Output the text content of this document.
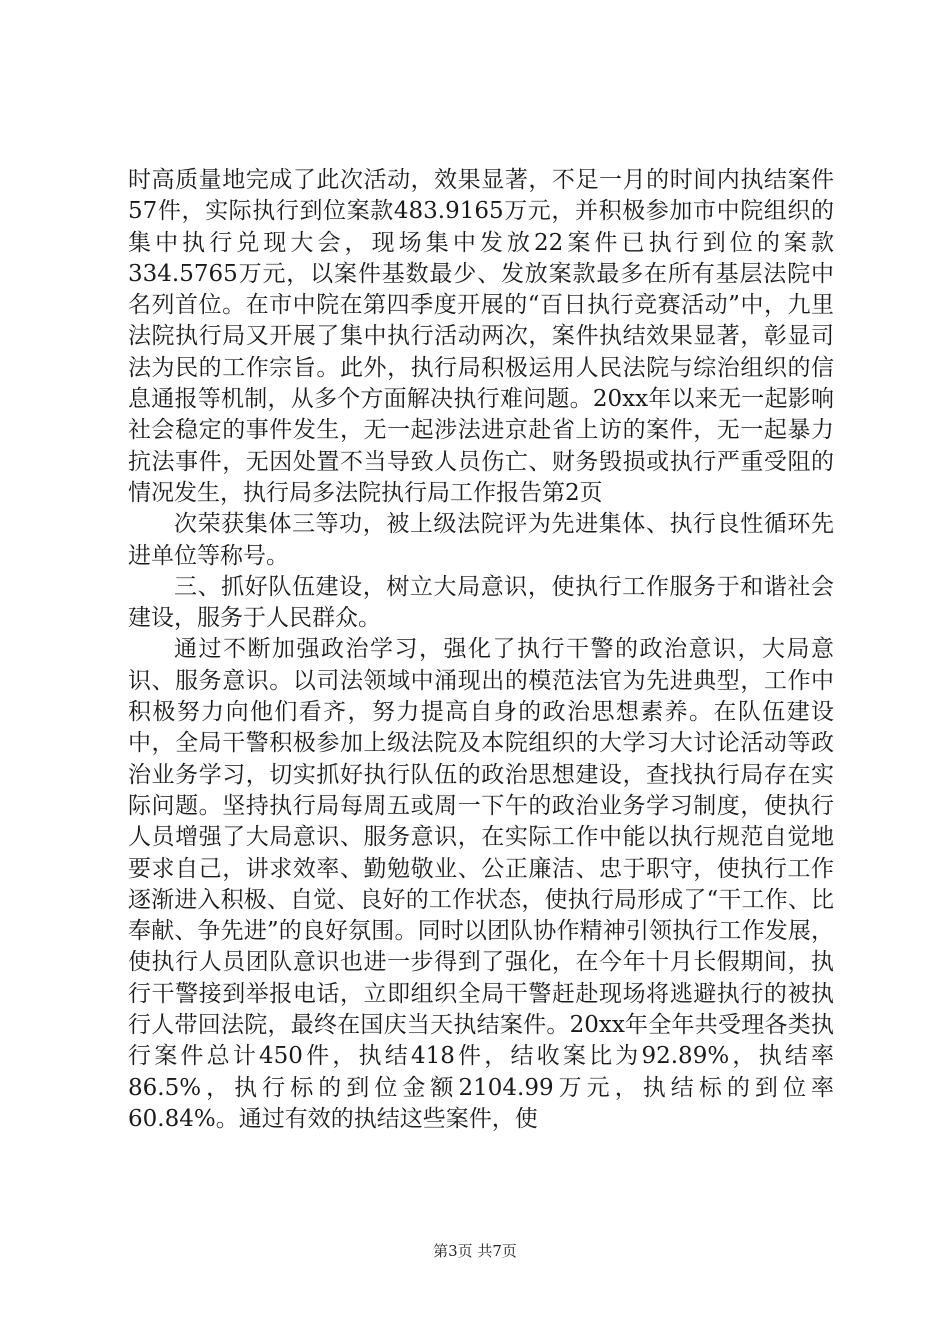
时高质量地完成了此次活动，效果显著，不足一月的时间内执结案件57件，实际执行到位案款483.9165万元，并积极参加市中院组织的集中执行兑现大会，现场集中发放22案件已执行到位的案款334.5765万元，以案件基数最少、发放案款最多在所有基层法院中名列首位。在市中院在第四季度开展的“百日执行竞赛活动”中，九里法院执行局又开展了集中执行活动两次，案件执结效果显著，彰显司法为民的工作宗旨。此外，执行局积极运用人民法院与综治组织的信息通报等机制，从多个方面解决执行难问题。20xx年以来无一起影响社会稳定的事件发生，无一起涉法进京赴省上访的案件，无一起暴力抗法事件，无因处置不当导致人员伤亡、财务毁损或执行严重受阻的情况发生，执行局多法院执行局工作报告第2页

次荣获集体三等功，被上级法院评为先进集体、执行良性循环先进单位等称号。

三、抓好队伍建设，树立大局意识，使执行工作服务于和谐社会建设，服务于人民群众。

通过不断加强政治学习，强化了执行干警的政治意识，大局意识、服务意识。以司法领域中涌现出的模范法官为先进典型，工作中积极努力向他们看齐，努力提高自身的政治思想素养。在队伍建设中，全局干警积极参加上级法院及本院组织的大学习大讨论活动等政治业务学习，切实抓好执行队伍的政治思想建设，查找执行局存在实际问题。坚持执行局每周五或周一下午的政治业务学习制度，使执行人员增强了大局意识、服务意识，在实际工作中能以执行规范自觉地要求自己，讲求效率、勤勉敬业、公正廉洁、忠于职守，使执行工作逐渐进入积极、自觉、良好的工作状态，使执行局形成了“干工作、比奉献、争先进”的良好氛围。同时以团队协作精神引领执行工作发展，使执行人员团队意识也进一步得到了强化，在今年十月长假期间，执行干警接到举报电话，立即组织全局干警赶赴现场将逃避执行的被执行人带回法院，最终在国庆当天执结案件。20xx年全年共受理各类执行案件总计450件，执结418件，结收案比为92.89%，执结率86.5%，执行标的到位金额2104.99万元，执结标的到位率60.84%。通过有效的执结这些案件，使

第3页 共7页
